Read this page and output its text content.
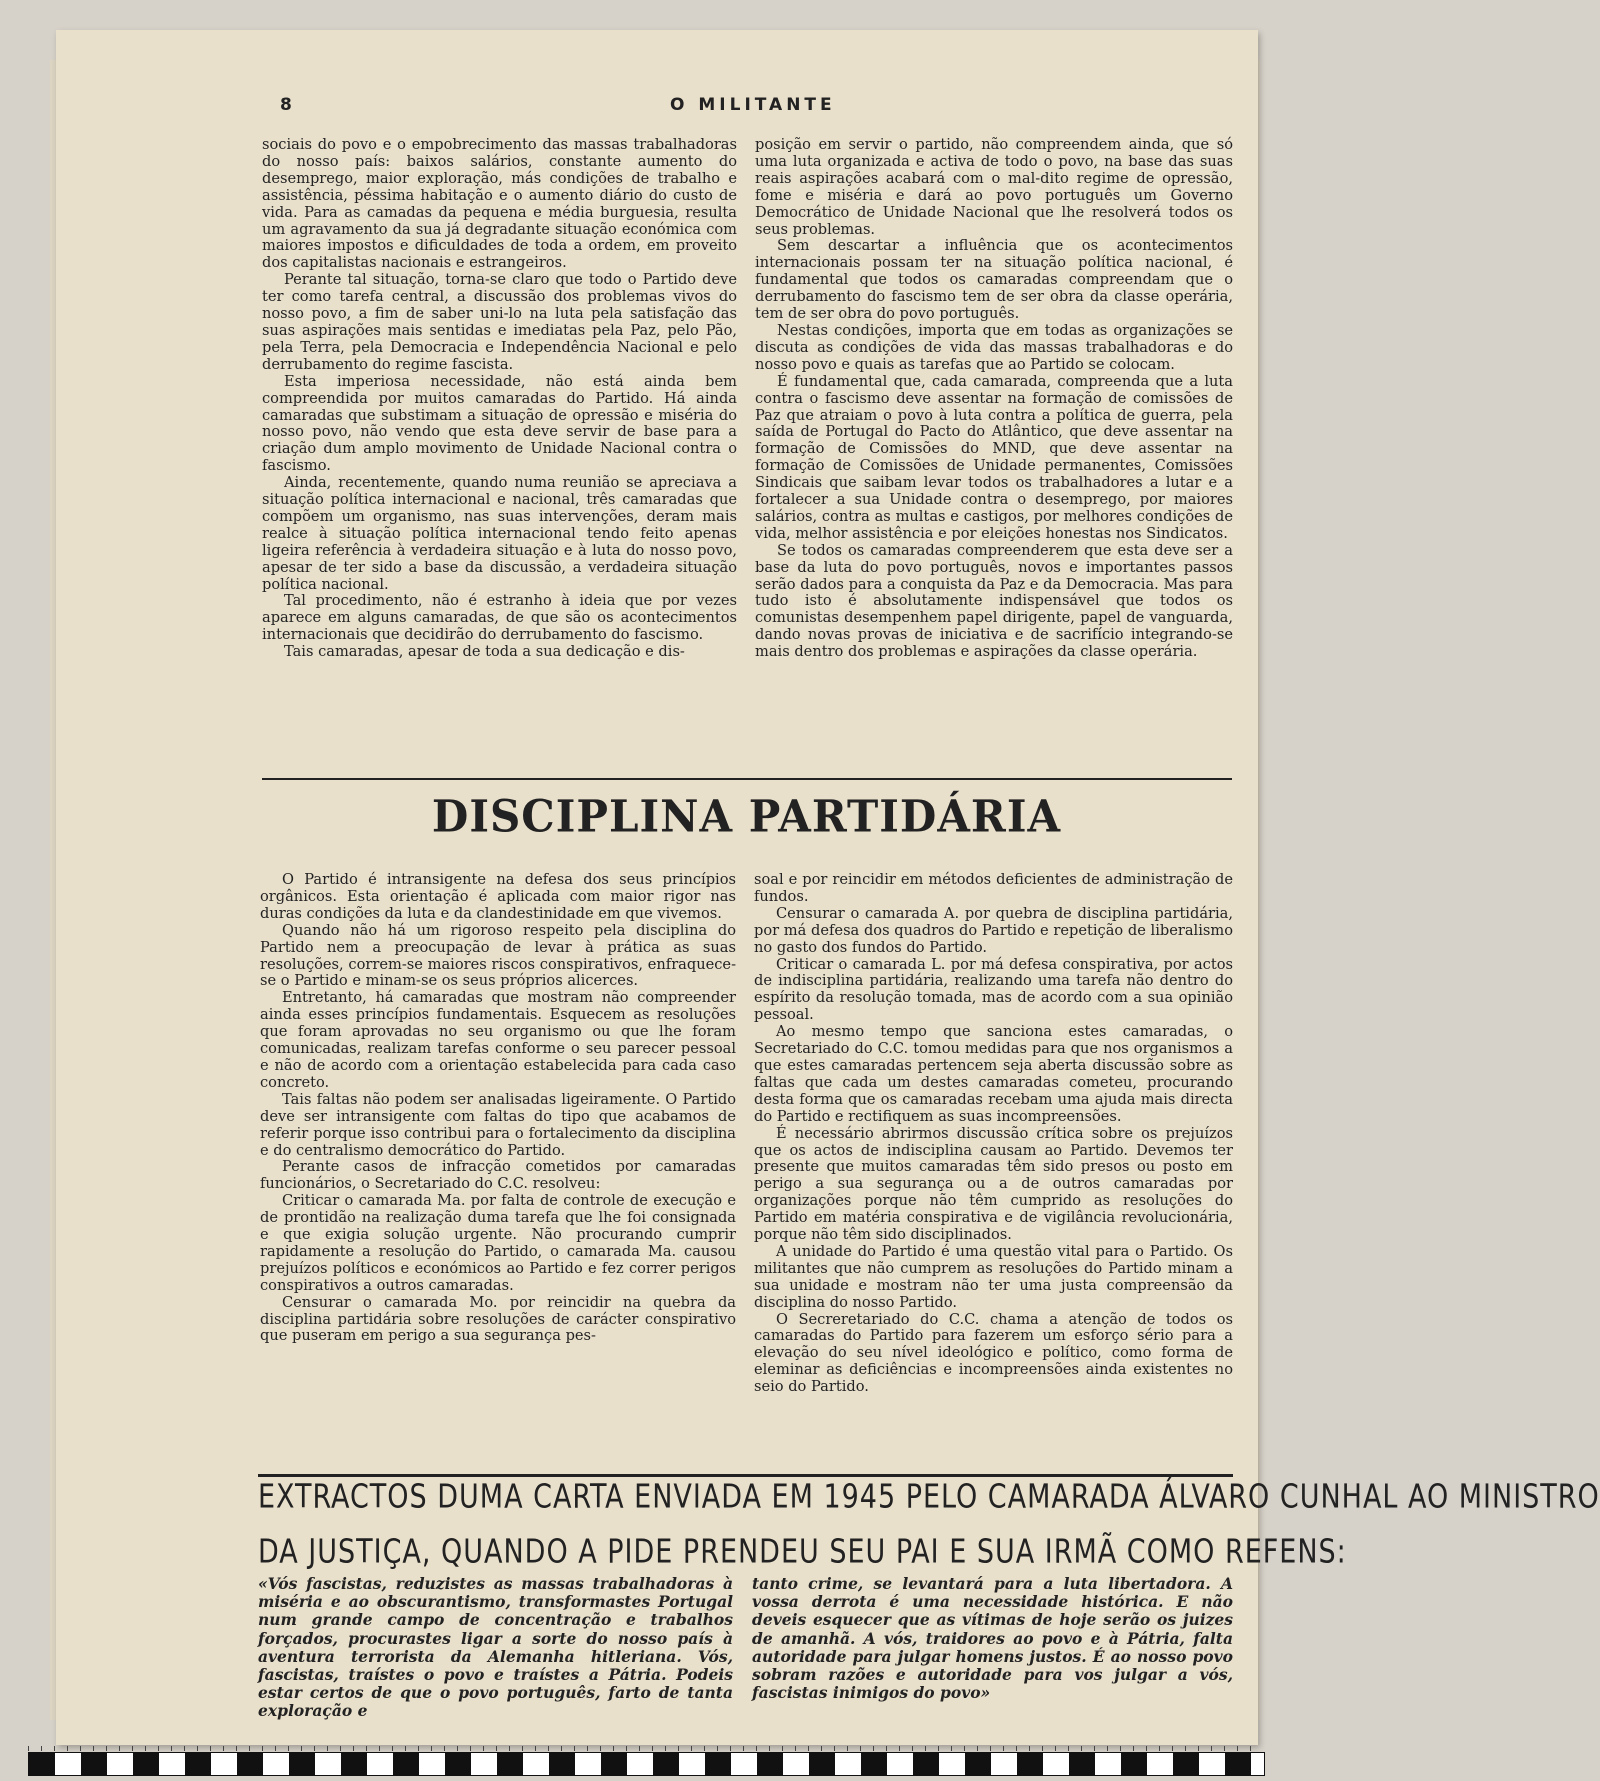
8	O MILITANTE

sociais do povo e o empobrecimento das massas trabalhadoras do nosso país: baixos salários, constante aumento do desemprego, maior exploração, más condições de trabalho e assistência, péssima habitação e o aumento diário do custo de vida. Para as camadas da pequena e média burguesia, resulta um agravamento da sua já degradante situação económica com maiores impostos e dificuldades de toda a ordem, em proveito dos capitalistas nacionais e estrangeiros.

Perante tal situação, torna-se claro que todo o Partido deve ter como tarefa central, a discussão dos problemas vivos do nosso povo, a fim de saber uni-lo na luta pela satisfação das suas aspirações mais sentidas e imediatas pela Paz, pelo Pão, pela Terra, pela Democracia e Independência Nacional e pelo derrubamento do regime fascista.

Esta imperiosa necessidade, não está ainda bem compreendida por muitos camaradas do Partido. Há ainda camaradas que substimam a situação de opressão e miséria do nosso povo, não vendo que esta deve servir de base para a criação dum amplo movimento de Unidade Nacional contra o fascismo.

Ainda, recentemente, quando numa reunião se apreciava a situação política internacional e nacional, três camaradas que compõem um organismo, nas suas intervenções, deram mais realce à situação política internacional tendo feito apenas ligeira referência à verdadeira situação e à luta do nosso povo, apesar de ter sido a base da discussão, a verdadeira situação política nacional.

Tal procedimento, não é estranho à ideia que por vezes aparece em alguns camaradas, de que são os acontecimentos internacionais que decidirão do derrubamento do fascismo.

Tais camaradas, apesar de toda a sua dedicação e dis-

posição em servir o partido, não compreendem ainda, que só uma luta organizada e activa de todo o povo, na base das suas reais aspirações acabará com o mal-dito regime de opressão, fome e miséria e dará ao povo português um Governo Democrático de Unidade Nacional que lhe resolverá todos os seus problemas.

Sem descartar a influência que os acontecimentos internacionais possam ter na situação política nacional, é fundamental que todos os camaradas compreendam que o derrubamento do fascismo tem de ser obra da classe operária, tem de ser obra do povo português.

Nestas condições, importa que em todas as organizações se discuta as condições de vida das massas trabalhadoras e do nosso povo e quais as tarefas que ao Partido se colocam.

É fundamental que, cada camarada, compreenda que a luta contra o fascismo deve assentar na formação de comissões de Paz que atraiam o povo à luta contra a política de guerra, pela saída de Portugal do Pacto do Atlântico, que deve assentar na formação de Comissões do MND, que deve assentar na formação de Comissões de Unidade permanentes, Comissões Sindicais que saibam levar todos os trabalhadores a lutar e a fortalecer a sua Unidade contra o desemprego, por maiores salários, contra as multas e castigos, por melhores condições de vida, melhor assistência e por eleições honestas nos Sindicatos.

Se todos os camaradas compreenderem que esta deve ser a base da luta do povo português, novos e importantes passos serão dados para a conquista da Paz e da Democracia. Mas para tudo isto é absolutamente indispensável que todos os comunistas desempenhem papel dirigente, papel de vanguarda, dando novas provas de iniciativa e de sacrifício integrando-se mais dentro dos problemas e aspirações da classe operária.

DISCIPLINA PARTIDÁRIA

O Partido é intransigente na defesa dos seus princípios orgânicos. Esta orientação é aplicada com maior rigor nas duras condições da luta e da clandestinidade em que vivemos.

Quando não há um rigoroso respeito pela disciplina do Partido nem a preocupação de levar à prática as suas resoluções, correm-se maiores riscos conspirativos, enfraquece-se o Partido e minam-se os seus próprios alicerces.

Entretanto, há camaradas que mostram não compreender ainda esses princípios fundamentais. Esquecem as resoluções que foram aprovadas no seu organismo ou que lhe foram comunicadas, realizam tarefas conforme o seu parecer pessoal e não de acordo com a orientação estabelecida para cada caso concreto.

Tais faltas não podem ser analisadas ligeiramente. O Partido deve ser intransigente com faltas do tipo que acabamos de referir porque isso contribui para o fortalecimento da disciplina e do centralismo democrático do Partido.

Perante casos de infracção cometidos por camaradas funcionários, o Secretariado do C.C. resolveu:

Criticar o camarada Ma. por falta de controle de execução e de prontidão na realização duma tarefa que lhe foi consignada e que exigia solução urgente. Não procurando cumprir rapidamente a resolução do Partido, o camarada Ma. causou prejuízos políticos e económicos ao Partido e fez correr perigos conspirativos a outros camaradas.

Censurar o camarada Mo. por reincidir na quebra da disciplina partidária sobre resoluções de carácter conspirativo que puseram em perigo a sua segurança pes-

soal e por reincidir em métodos deficientes de administração de fundos.

Censurar o camarada A. por quebra de disciplina partidária, por má defesa dos quadros do Partido e repetição de liberalismo no gasto dos fundos do Partido.

Criticar o camarada L. por má defesa conspirativa, por actos de indisciplina partidária, realizando uma tarefa não dentro do espírito da resolução tomada, mas de acordo com a sua opinião pessoal.

Ao mesmo tempo que sanciona estes camaradas, o Secretariado do C.C. tomou medidas para que nos organismos a que estes camaradas pertencem seja aberta discussão sobre as faltas que cada um destes camaradas cometeu, procurando desta forma que os camaradas recebam uma ajuda mais directa do Partido e rectifiquem as suas incompreensões.

É necessário abrirmos discussão crítica sobre os prejuízos que os actos de indisciplina causam ao Partido. Devemos ter presente que muitos camaradas têm sido presos ou posto em perigo a sua segurança ou a de outros camaradas por organizações porque não têm cumprido as resoluções do Partido em matéria conspirativa e de vigilância revolucionária, porque não têm sido disciplinados.

A unidade do Partido é uma questão vital para o Partido. Os militantes que não cumprem as resoluções do Partido minam a sua unidade e mostram não ter uma justa compreensão da disciplina do nosso Partido.

O Secreretariado do C.C. chama a atenção de todos os camaradas do Partido para fazerem um esforço sério para a elevação do seu nível ideológico e político, como forma de eleminar as deficiências e incompreensões ainda existentes no seio do Partido.

EXTRACTOS DUMA CARTA ENVIADA EM 1945 PELO CAMARADA ÁLVARO CUNHAL AO MINISTRO
DA JUSTIÇA, QUANDO A PIDE PRENDEU SEU PAI E SUA IRMÃ COMO REFENS:
«Vós fascistas, reduzistes as massas trabalhadoras à miséria e ao obscurantismo, transformastes Portugal num grande campo de concentração e trabalhos forçados, procurastes ligar a sorte do nosso país à aventura terrorista da Alemanha hitleriana. Vós, fascistas, traístes o povo e traístes a Pátria. Podeis estar certos de que o povo português, farto de tanta exploração e
tanto crime, se levantará para a luta libertadora. A vossa derrota é uma necessidade histórica. E não deveis esquecer que as vítimas de hoje serão os juizes de amanhã. A vós, traidores ao povo e à Pátria, falta autoridade para julgar homens justos. É ao nosso povo sobram razões e autoridade para vos julgar a vós, fascistas inimigos do povo»
